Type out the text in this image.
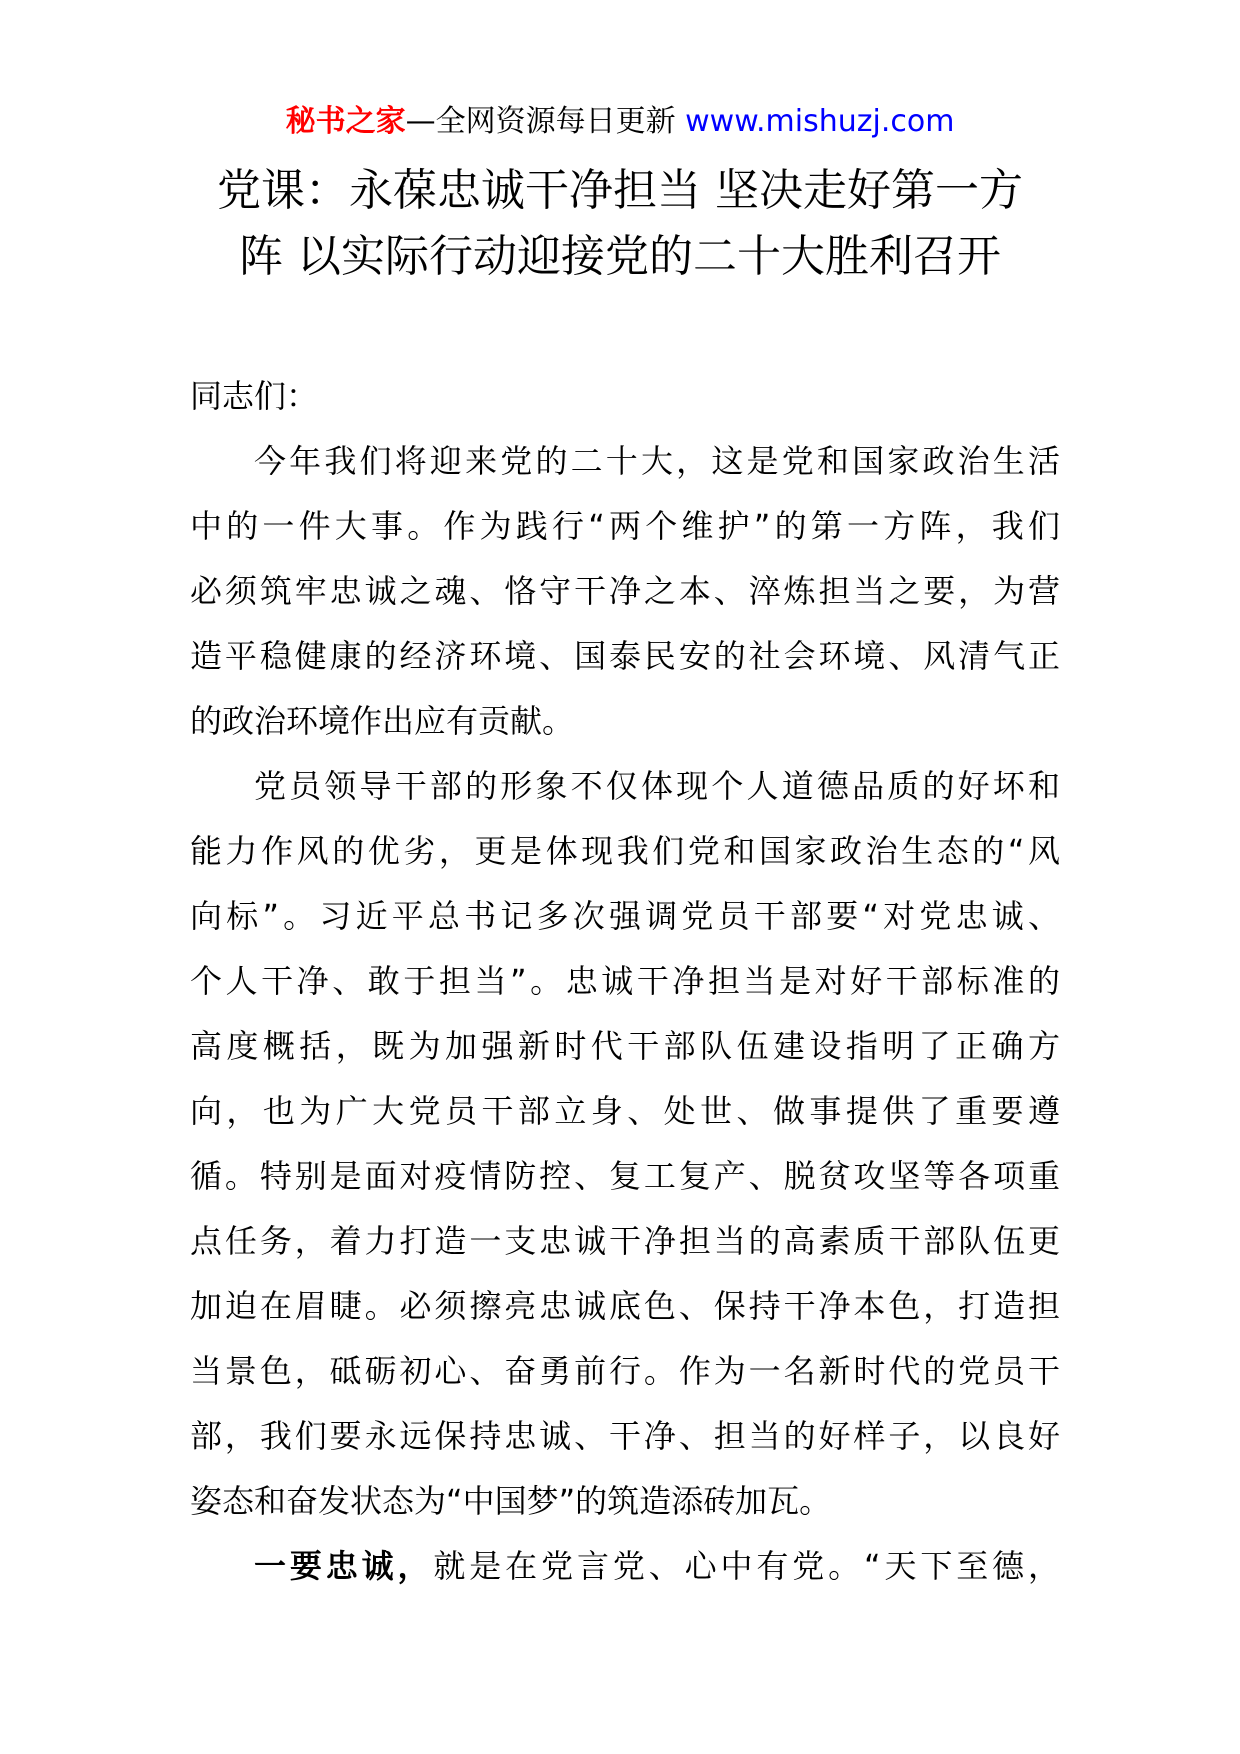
秘书之家—全网资源每日更新 www.mishuzj.com
党课：永葆忠诚干净担当 坚决走好第一方
阵 以实际行动迎接党的二十大胜利召开

同志们：

今年我们将迎来党的二十大，这是党和国家政治生活
中的一件大事。作为践行“两个维护”的第一方阵，我们
必须筑牢忠诚之魂、恪守干净之本、淬炼担当之要，为营
造平稳健康的经济环境、国泰民安的社会环境、风清气正
的政治环境作出应有贡献。

党员领导干部的形象不仅体现个人道德品质的好坏和
能力作风的优劣，更是体现我们党和国家政治生态的“风
向标”。习近平总书记多次强调党员干部要“对党忠诚、
个人干净、敢于担当”。忠诚干净担当是对好干部标准的
高度概括，既为加强新时代干部队伍建设指明了正确方
向，也为广大党员干部立身、处世、做事提供了重要遵
循。特别是面对疫情防控、复工复产、脱贫攻坚等各项重
点任务，着力打造一支忠诚干净担当的高素质干部队伍更
加迫在眉睫。必须擦亮忠诚底色、保持干净本色，打造担
当景色，砥砺初心、奋勇前行。作为一名新时代的党员干
部，我们要永远保持忠诚、干净、担当的好样子，以良好
姿态和奋发状态为“中国梦”的筑造添砖加瓦。

一要忠诚，就是在党言党、心中有党。“天下至德，
